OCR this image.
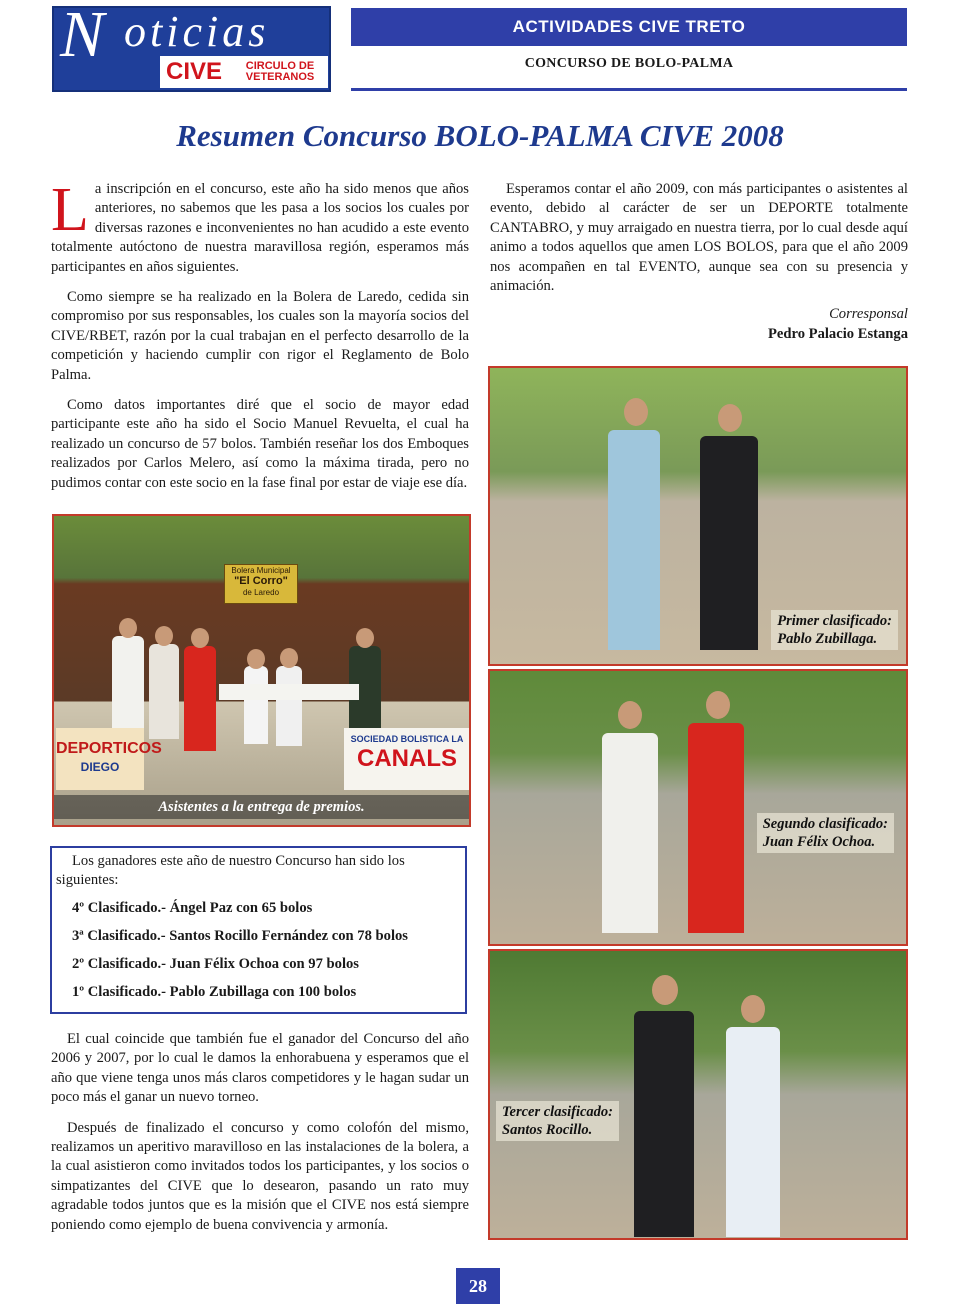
N oticias
CIVE	CIRCULO DE
VETERANOS
ACTIVIDADES CIVE TRETO
CONCURSO DE BOLO-PALMA
Resumen Concurso BOLO-PALMA CIVE 2008

La inscripción en el concurso, este año ha sido menos que años anteriores, no sabemos que les pasa a los socios los cuales por diversas razones e inconvenientes no han acudido a este evento totalmente autóctono de nuestra maravillosa región, esperamos más participantes en años siguientes.

Como siempre se ha realizado en la Bolera de Laredo, cedida sin compromiso por sus responsables, los cuales son la mayoría socios del CIVE/RBET, razón por la cual trabajan en el perfecto desarrollo de la competición y haciendo cumplir con rigor el Reglamento de Bolo Palma.

Como datos importantes diré que el socio de mayor edad participante este año ha sido el Socio Manuel Revuelta, el cual ha realizado un concurso de 57 bolos. También reseñar los dos Emboques realizados por Carlos Melero, así como la máxima tirada, pero no pudimos contar con este socio en la fase final por estar de viaje ese día.

Esperamos contar el año 2009, con más participantes o asistentes al evento, debido al carácter de ser un DEPORTE totalmente CANTABRO, y muy arraigado en nuestra tierra, por lo cual desde aquí animo a todos aquellos que amen LOS BOLOS, para que el año 2009 nos acompañen en tal EVENTO, aunque sea con su presencia y animación.

Corresponsal
Pedro Palacio Estanga
Bolera Municipal
"El Corro"
de Laredo
DEPORTICOS
DIEGO
SOCIEDAD BOLISTICA LA
CANALS
Asistentes a la entrega de premios.
Los ganadores este año de nuestro Concurso han sido los siguientes:
4º Clasificado.- Ángel Paz con 65 bolos
3ª Clasificado.- Santos Rocillo Fernández con 78 bolos
2º Clasificado.- Juan Félix Ochoa con 97 bolos
1º Clasificado.- Pablo Zubillaga con 100 bolos

El cual coincide que también fue el ganador del Concurso del año 2006 y 2007, por lo cual le damos la enhorabuena y esperamos que el año que viene tenga unos más claros competidores y le hagan sudar un poco más el ganar un nuevo torneo.

Después de finalizado el concurso y como colofón del mismo, realizamos un aperitivo maravilloso en las instalaciones de la bolera, a la cual asistieron como invitados todos los participantes, y los socios o simpatizantes del CIVE que lo desearon, pasando un rato muy agradable todos juntos que es la misión que el CIVE nos está siempre poniendo como ejemplo de buena convivencia y armonía.

Primer clasificado:
Pablo Zubillaga.
Segundo clasificado:
Juan Félix Ochoa.
Tercer clasificado:
Santos Rocillo.
28
